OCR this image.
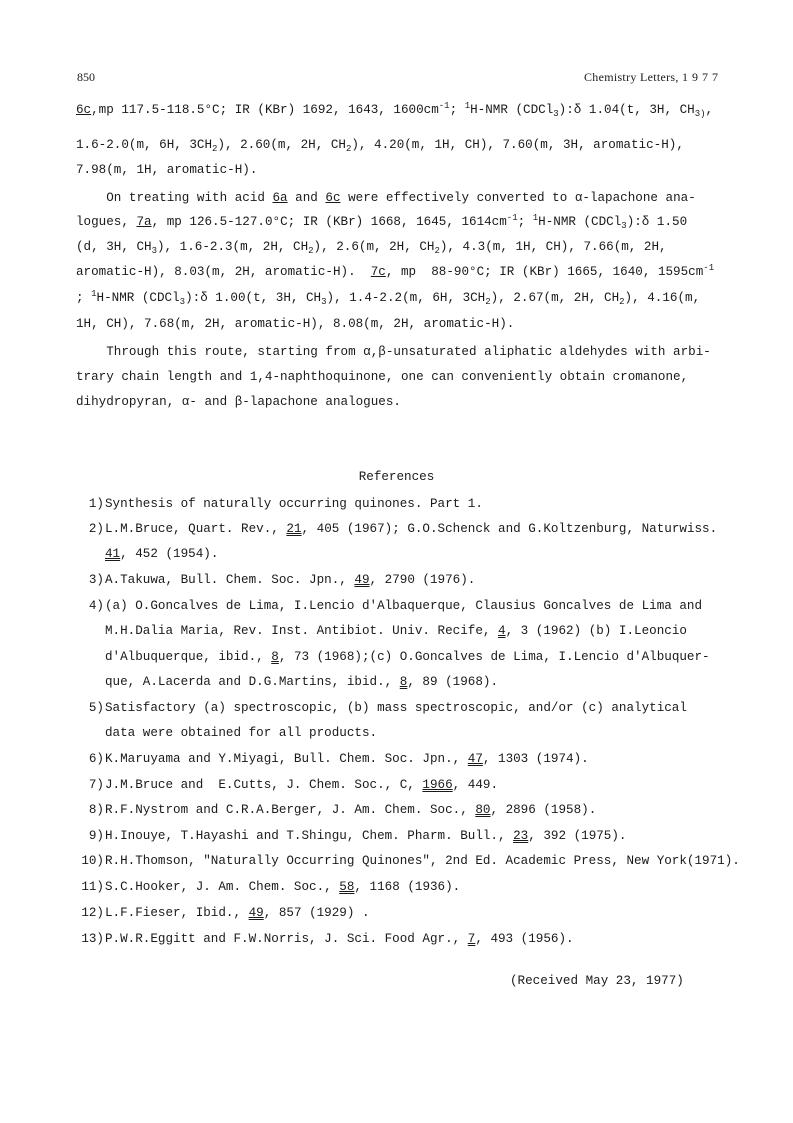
850	Chemistry Letters, 1977
6c,mp 117.5-118.5°C; IR (KBr) 1692, 1643, $1600cm^{-1}$; $^1$H-NMR (CDCl$_3$):δ 1.04(t, 3H, $CH_{3)}$,
1.6-2.0(m, 6H, $3CH_2$), 2.60(m, 2H, $CH_2$), 4.20(m, 1H, CH), 7.60(m, 3H, aromatic-H),
7.98(m, 1H, aromatic-H).
On treating with acid 6a and 6c were effectively converted to α-lapachone ana-
logues, 7a, mp 126.5-127.0°C; IR (KBr) 1668, 1645, $1614cm^{-1}$; $^1$H-NMR (CDCl$_3$):δ 1.50
(d, 3H, $CH_3$), 1.6-2.3(m, 2H, $CH_2$), 2.6(m, 2H, $CH_2$), 4.3(m, 1H, CH), 7.66(m, 2H,
aromatic-H), 8.03(m, 2H, aromatic-H).  7c, mp  88-90°C; IR (KBr) 1665, 1640, $1595cm^{-1}$
; $^1$H-NMR (CDCl$_3$):δ 1.00(t, 3H, $CH_3$), 1.4-2.2(m, 6H, $3CH_2$), 2.67(m, 2H, $CH_2$), 4.16(m,
1H, CH), 7.68(m, 2H, aromatic-H), 8.08(m, 2H, aromatic-H).
Through this route, starting from α,β-unsaturated aliphatic aldehydes with arbi-
trary chain length and 1,4-naphthoquinone, one can conveniently obtain cromanone,
dihydropyran, α- and β-lapachone analogues.
References
1) Synthesis of naturally occurring quinones. Part 1.
2) L.M.Bruce, Quart. Rev., 21, 405 (1967); G.O.Schenck and G.Koltzenburg, Naturwiss.
41, 452 (1954).
3) A.Takuwa, Bull. Chem. Soc. Jpn., 49, 2790 (1976).
4) (a) O.Goncalves de Lima, I.Lencio d'Albaquerque, Clausius Goncalves de Lima and
M.H.Dalia Maria, Rev. Inst. Antibiot. Univ. Recife, 4, 3 (1962) (b) I.Leoncio
d'Albuquerque, ibid., 8, 73 (1968);(c) O.Goncalves de Lima, I.Lencio d'Albuquer-
que, A.Lacerda and D.G.Martins, ibid., 8, 89 (1968).
5) Satisfactory (a) spectroscopic, (b) mass spectroscopic, and/or (c) analytical
data were obtained for all products.
6) K.Maruyama and Y.Miyagi, Bull. Chem. Soc. Jpn., 47, 1303 (1974).
7) J.M.Bruce and  E.Cutts, J. Chem. Soc., C, 1966, 449.
8) R.F.Nystrom and C.R.A.Berger, J. Am. Chem. Soc., 80, 2896 (1958).
9) H.Inouye, T.Hayashi and T.Shingu, Chem. Pharm. Bull., 23, 392 (1975).
10) R.H.Thomson, "Naturally Occurring Quinones", 2nd Ed. Academic Press, New York(1971).
11) S.C.Hooker, J. Am. Chem. Soc., 58, 1168 (1936).
12) L.F.Fieser, Ibid., 49, 857 (1929) .
13) P.W.R.Eggitt and F.W.Norris, J. Sci. Food Agr., 7, 493 (1956).
(Received May 23, 1977)
